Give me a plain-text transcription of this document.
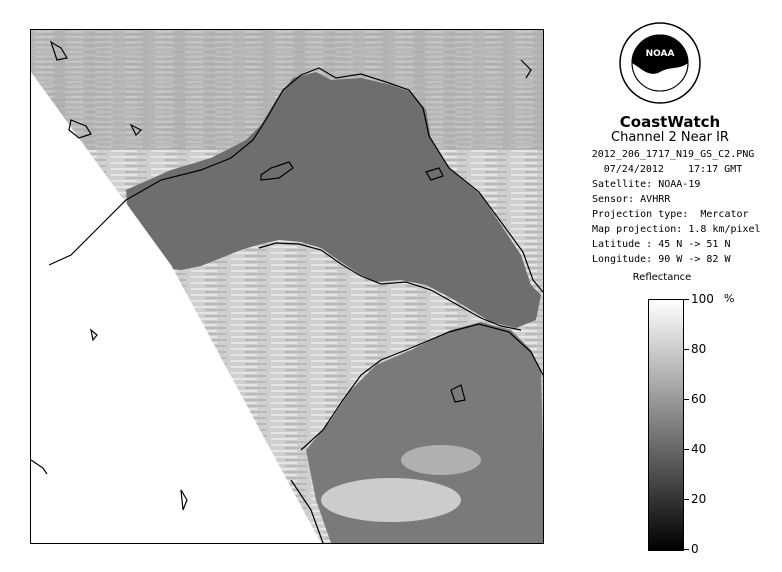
NOAA
CoastWatch
Channel 2 Near IR
2012_206_1717_N19_GS_C2.PNG
07/24/2012    17:17 GMT
Satellite: NOAA-19
Sensor: AVHRR
Projection type:  Mercator
Map projection: 1.8 km/pixel
Latitude : 45 N -> 51 N
Longitude: 90 W -> 82 W
Reflectance
%
100
80
60
40
20
0
